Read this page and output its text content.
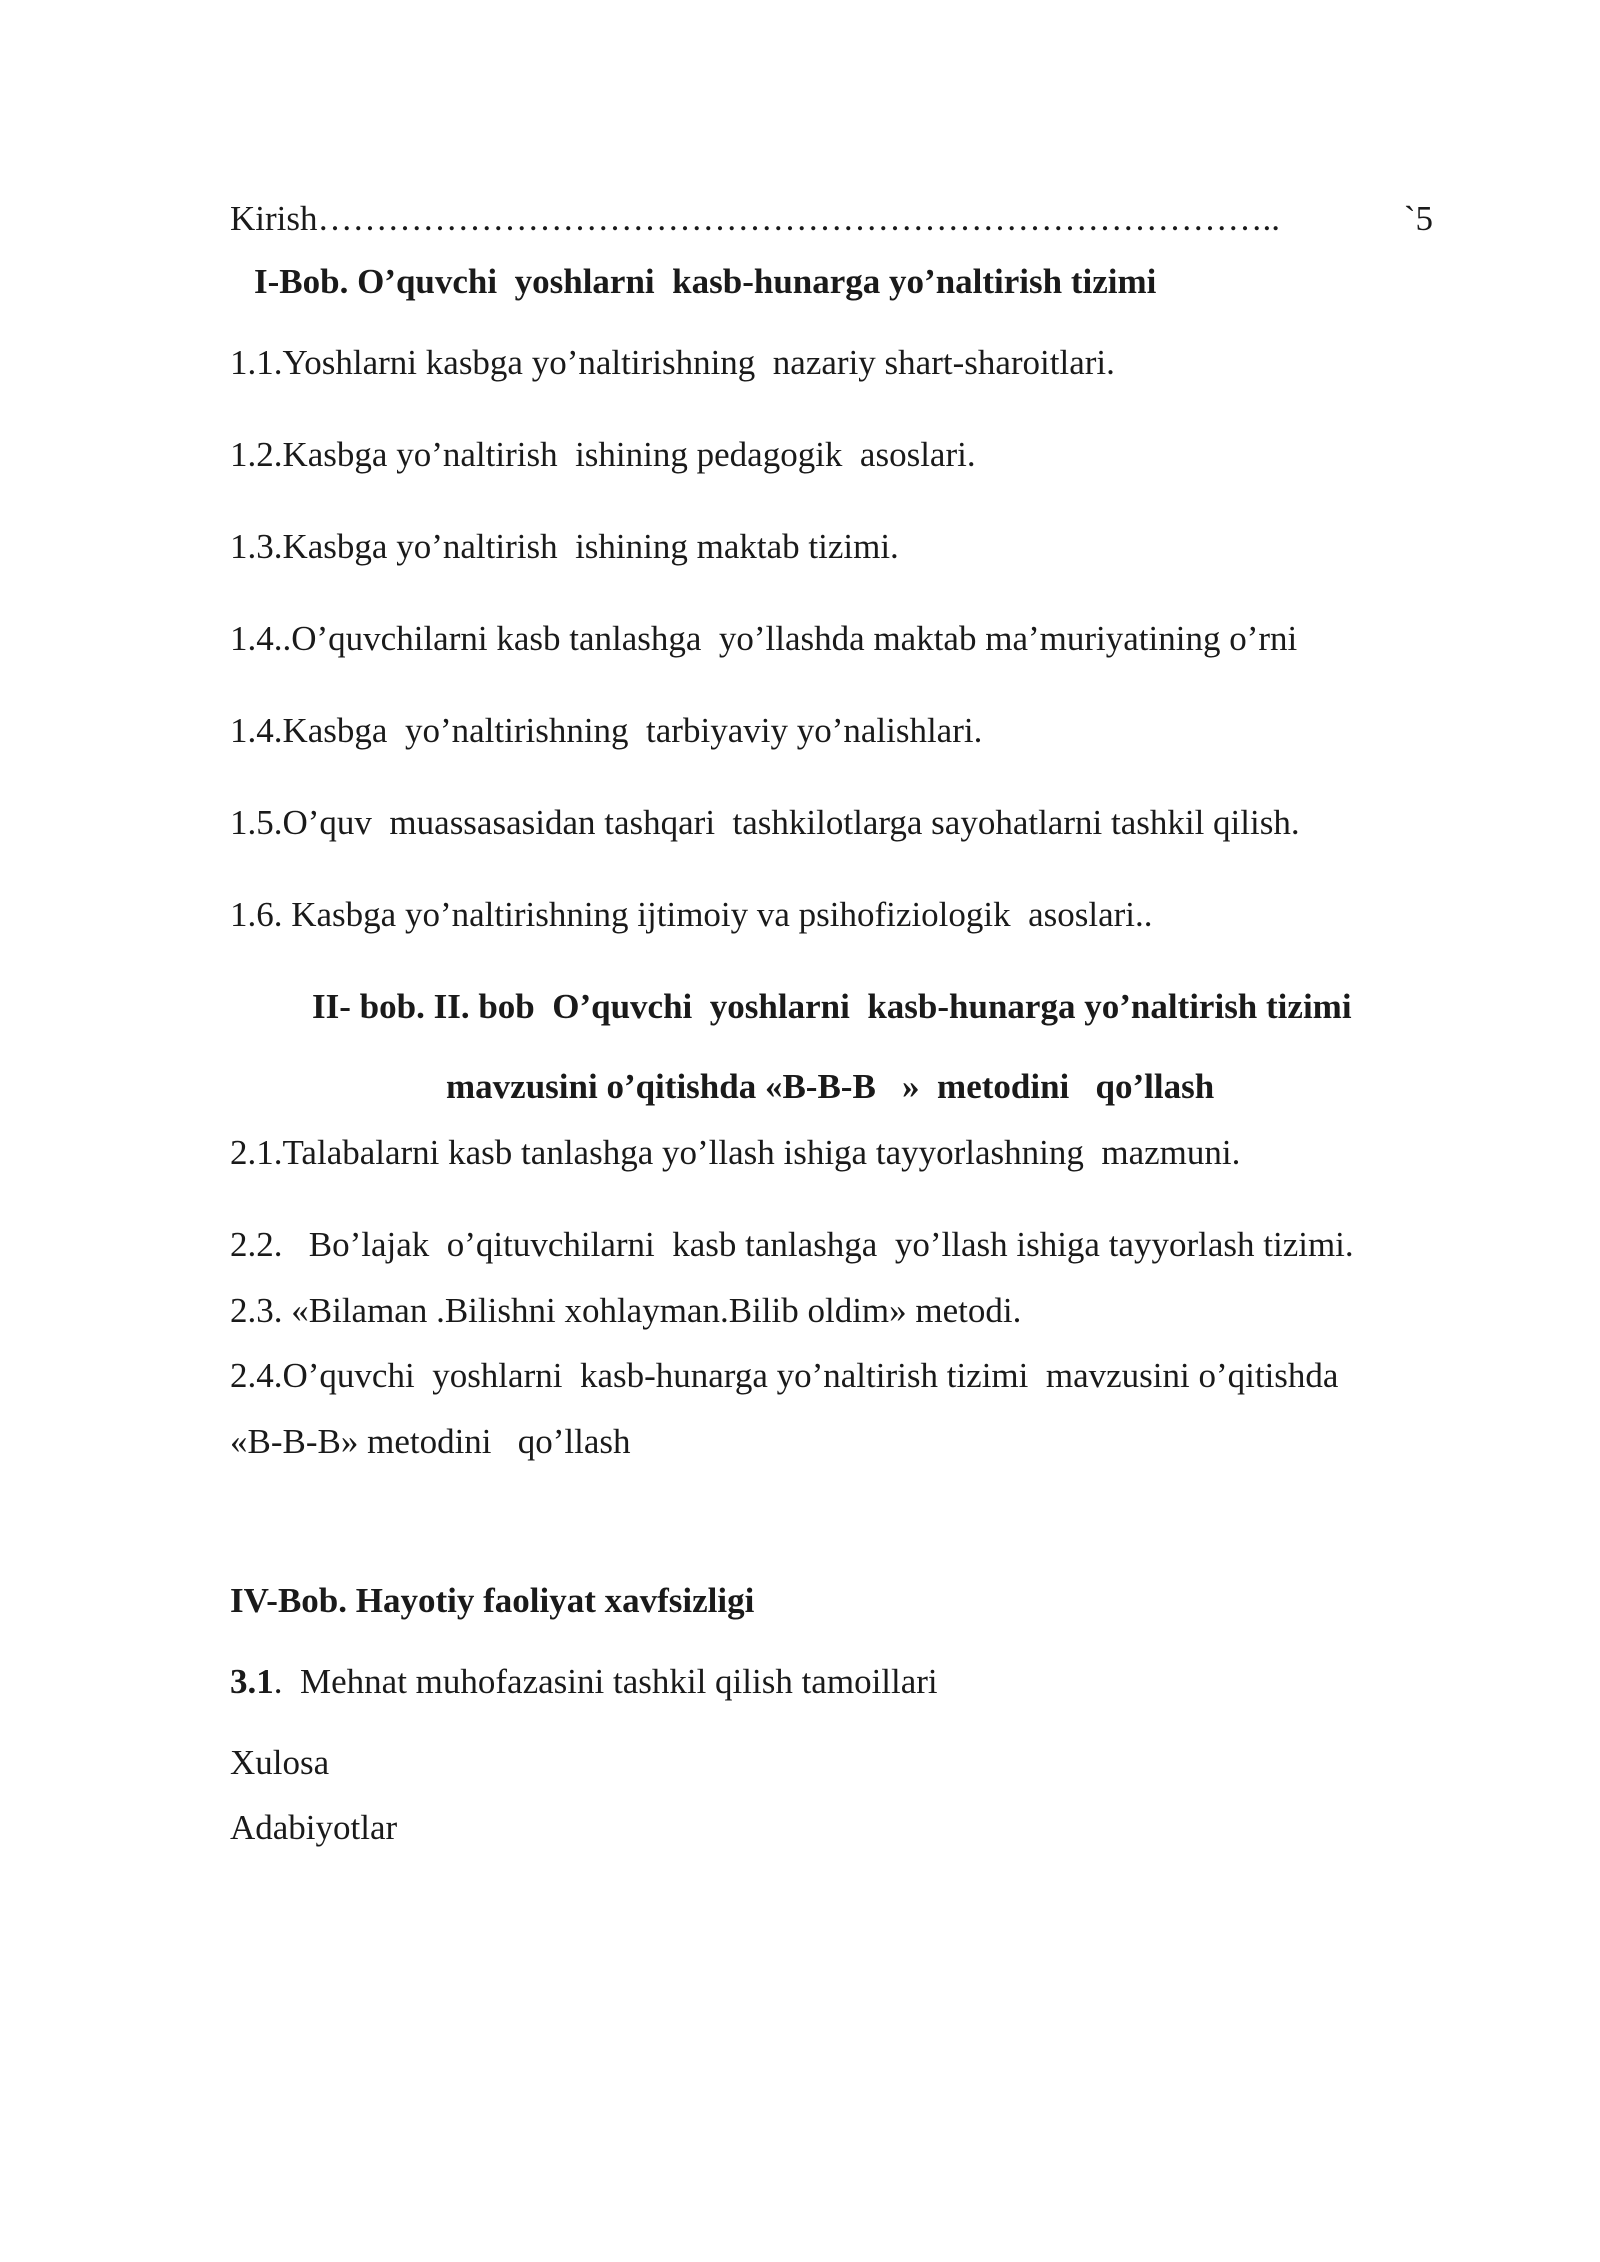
Kirish ………………………………………………………………………..	`5
I-Bob. O’quvchi  yoshlarni  kasb-hunarga yo’naltirish tizimi
1.1.Yoshlarni kasbga yo’naltirishning  nazariy shart-sharoitlari.
1.2.Kasbga yo’naltirish  ishining pedagogik  asoslari.
1.3.Kasbga yo’naltirish  ishining maktab tizimi.
1.4..O’quvchilarni kasb tanlashga  yo’llashda maktab ma’muriyatining o’rni
1.4.Kasbga  yo’naltirishning  tarbiyaviy yo’nalishlari.
1.5.O’quv  muassasasidan tashqari  tashkilotlarga sayohatlarni tashkil qilish.
1.6. Kasbga yo’naltirishning ijtimoiy va psihofiziologik  asoslari..
II- bob. II. bob  O’quvchi  yoshlarni  kasb-hunarga yo’naltirish tizimi
mavzusini o’qitishda «B-B-B   »  metodini   qo’llash
2.1.Talabalarni kasb tanlashga yo’llash ishiga tayyorlashning  mazmuni.
2.2.   Bo’lajak  o’qituvchilarni  kasb tanlashga  yo’llash ishiga tayyorlash tizimi.
2.3. «Bilaman .Bilishni xohlayman.Bilib oldim» metodi.
2.4.O’quvchi  yoshlarni  kasb-hunarga yo’naltirish tizimi  mavzusini o’qitishda
«B-B-B» metodini   qo’llash
IV-Bob. Hayotiy faoliyat xavfsizligi
3.1.  Mehnat muhofazasini tashkil qilish tamoillari
Xulosa
Adabiyotlar
